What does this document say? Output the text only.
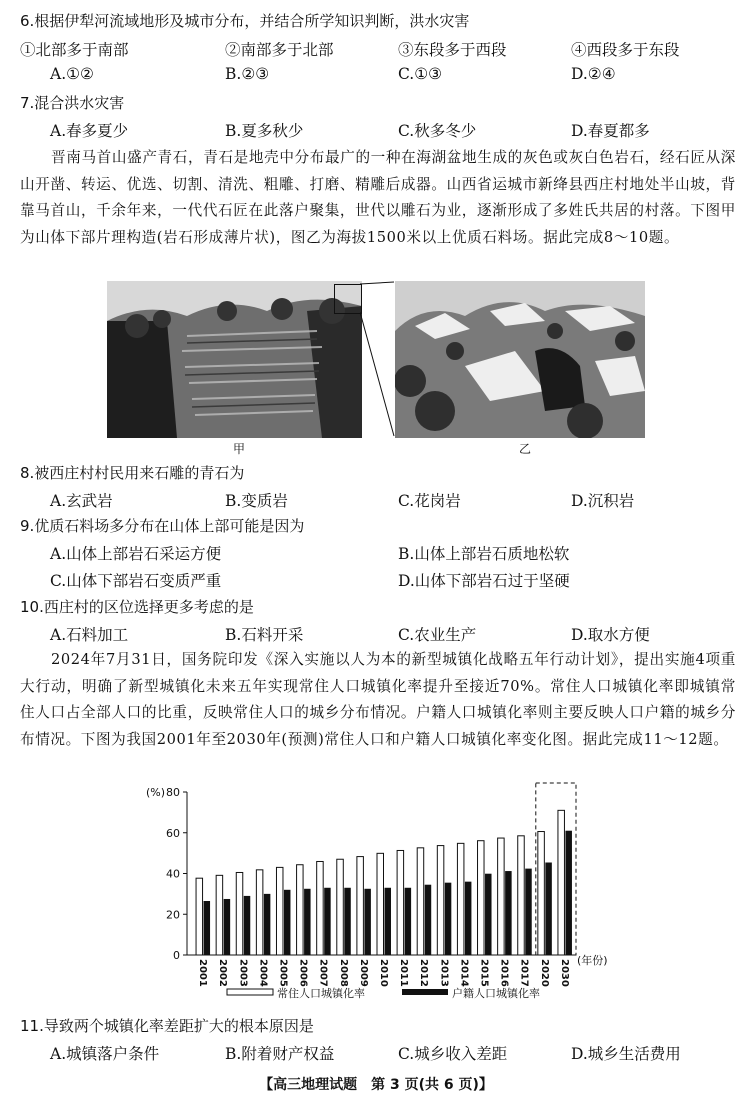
6.根据伊犁河流域地形及城市分布，并结合所学知识判断，洪水灾害
①北部多于南部	②南部多于北部	③东段多于西段	④西段多于东段
A.①②	B.②③	C.①③	D.②④
7.混合洪水灾害
A.春多夏少	B.夏多秋少	C.秋多冬少	D.春夏都多
晋南马首山盛产青石，青石是地壳中分布最广的一种在海湖盆地生成的灰色或灰白色岩石，经石匠从深山开凿、转运、优选、切割、清洗、粗雕、打磨、精雕后成器。山西省运城市新绛县西庄村地处半山坡，背靠马首山，千余年来，一代代石匠在此落户聚集，世代以雕石为业，逐渐形成了多姓氏共居的村落。下图甲为山体下部片理构造(岩石形成薄片状)，图乙为海拔1500米以上优质石料场。据此完成8～10题。
甲	乙
8.被西庄村村民用来石雕的青石为
A.玄武岩	B.变质岩	C.花岗岩	D.沉积岩
9.优质石料场多分布在山体上部可能是因为
A.山体上部岩石采运方便	B.山体上部岩石质地松软
C.山体下部岩石变质严重	D.山体下部岩石过于坚硬
10.西庄村的区位选择更多考虑的是
A.石料加工	B.石料开采	C.农业生产	D.取水方便
2024年7月31日，国务院印发《深入实施以人为本的新型城镇化战略五年行动计划》，提出实施4项重大行动，明确了新型城镇化未来五年实现常住人口城镇化率提升至接近70%。常住人口城镇化率即城镇常住人口占全部人口的比重，反映常住人口的城乡分布情况。户籍人口城镇化率则主要反映人口户籍的城乡分布情况。下图为我国2001年至2030年(预测)常住人口和户籍人口城镇化率变化图。据此完成11～12题。
0
20
40
60
80
(%)
2001 2002 2003 2004 2005 2006 2007 2008 2009 2010 2011 2012 2013 2014 2015 2016 2017 2020 2030 (年份)
常住人口城镇化率	户籍人口城镇化率
11.导致两个城镇化率差距扩大的根本原因是
A.城镇落户条件	B.附着财产权益	C.城乡收入差距	D.城乡生活费用
【高三地理试题　第 3 页(共 6 页)】
